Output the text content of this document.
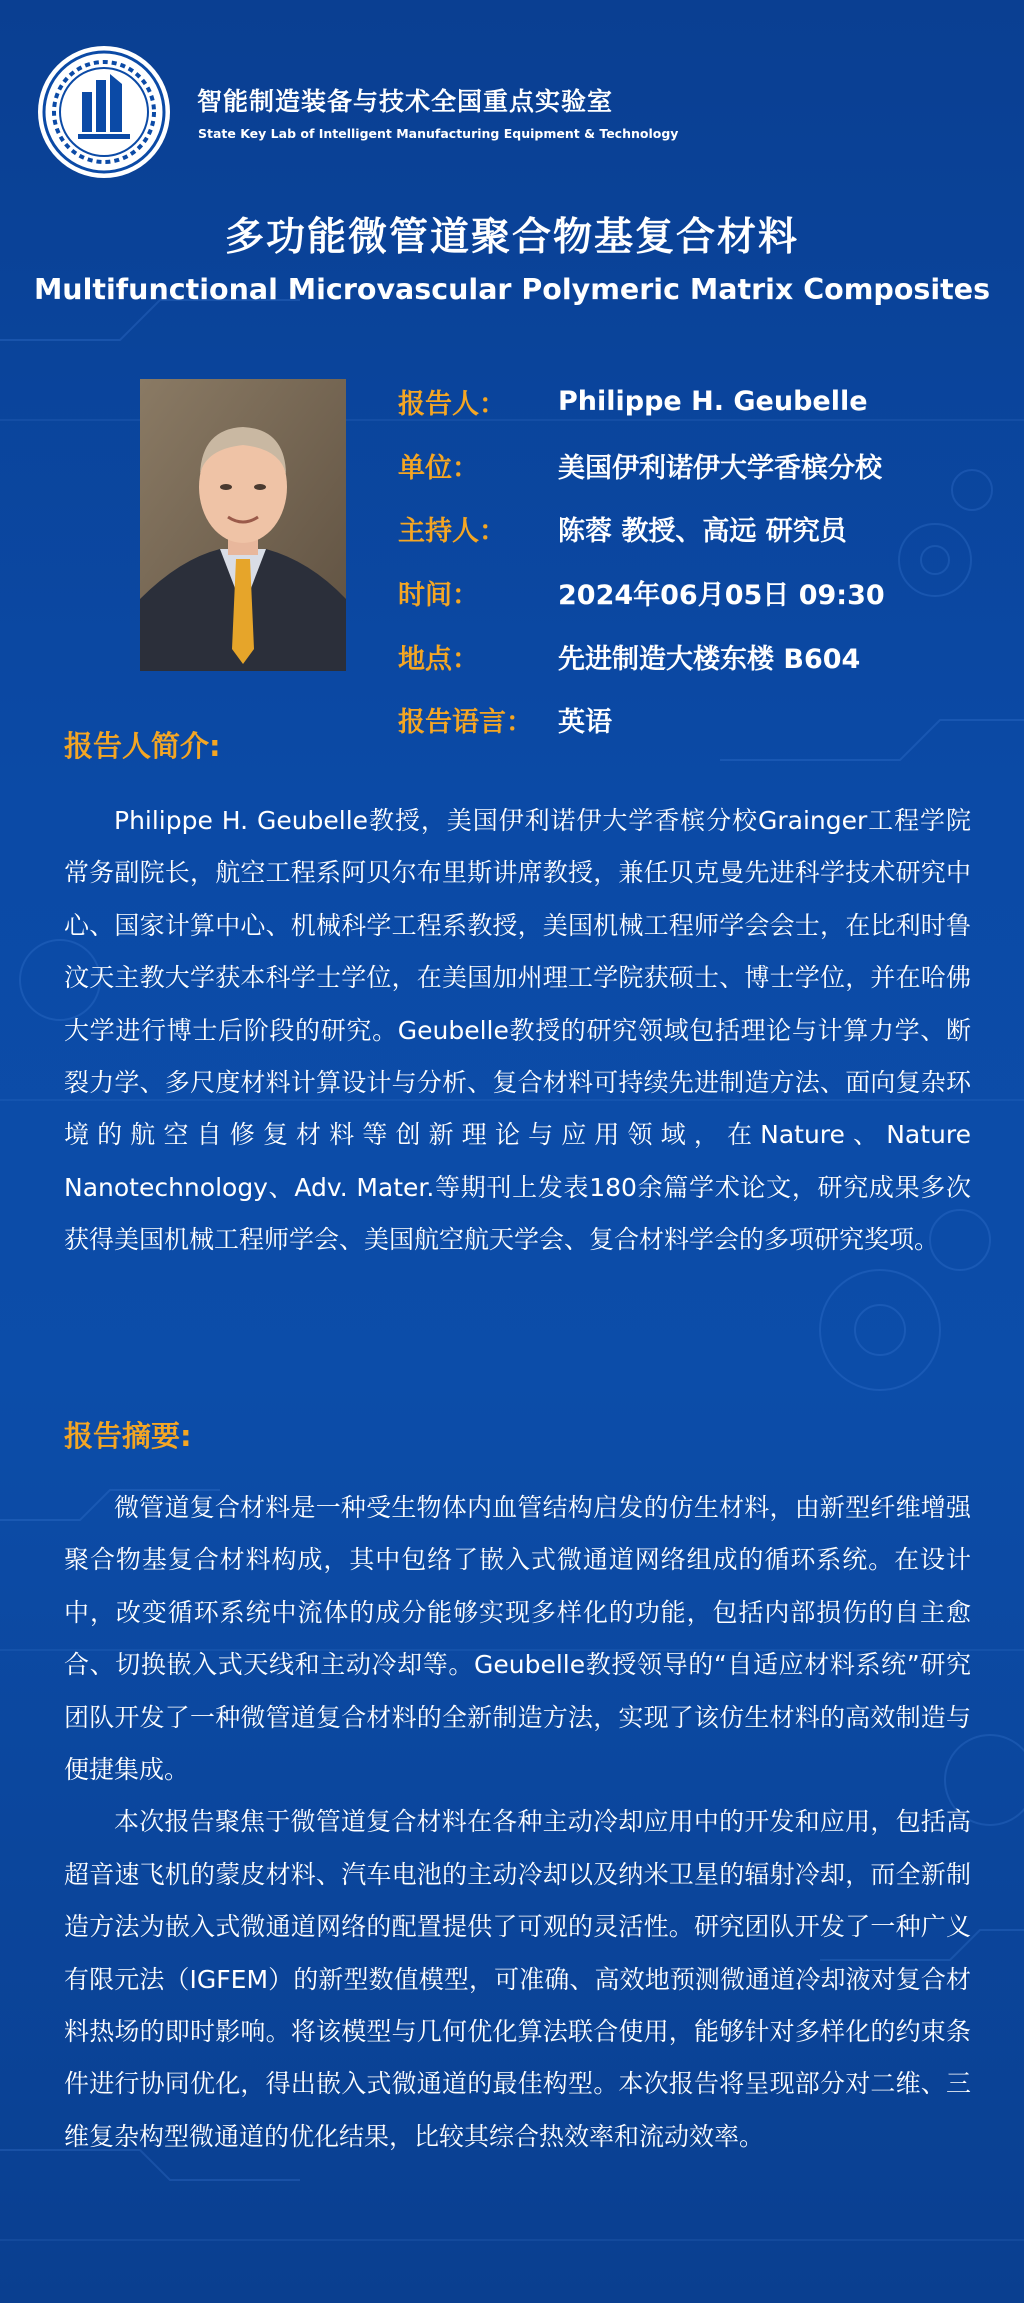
智能制造装备与技术全国重点实验室
State Key Lab of Intelligent Manufacturing Equipment & Technology
多功能微管道聚合物基复合材料
Multifunctional Microvascular Polymeric Matrix Composites
报告人：	Philippe H. Geubelle
单位：	美国伊利诺伊大学香槟分校
主持人：	陈蓉 教授、高远 研究员
时间：	2024年06月05日 09:30
地点：	先进制造大楼东楼 B604
报告语言： 英语
报告人简介:

Philippe H. Geubelle教授，美国伊利诺伊大学香槟分校Grainger工程学院常务副院长，航空工程系阿贝尔布里斯讲席教授，兼任贝克曼先进科学技术研究中心、国家计算中心、机械科学工程系教授，美国机械工程师学会会士，在比利时鲁汶天主教大学获本科学士学位，在美国加州理工学院获硕士、博士学位，并在哈佛大学进行博士后阶段的研究。Geubelle教授的研究领域包括理论与计算力学、断裂力学、多尺度材料计算设计与分析、复合材料可持续先进制造方法、面向复杂环境的航空自修复材料等创新理论与应用领域，在Nature、Nature Nanotechnology、Adv. Mater.等期刊上发表180余篇学术论文，研究成果多次获得美国机械工程师学会、美国航空航天学会、复合材料学会的多项研究奖项。

报告摘要:

微管道复合材料是一种受生物体内血管结构启发的仿生材料，由新型纤维增强聚合物基复合材料构成，其中包络了嵌入式微通道网络组成的循环系统。在设计中，改变循环系统中流体的成分能够实现多样化的功能，包括内部损伤的自主愈合、切换嵌入式天线和主动冷却等。Geubelle教授领导的“自适应材料系统”研究团队开发了一种微管道复合材料的全新制造方法，实现了该仿生材料的高效制造与便捷集成。

本次报告聚焦于微管道复合材料在各种主动冷却应用中的开发和应用，包括高超音速飞机的蒙皮材料、汽车电池的主动冷却以及纳米卫星的辐射冷却，而全新制造方法为嵌入式微通道网络的配置提供了可观的灵活性。研究团队开发了一种广义有限元法（IGFEM）的新型数值模型，可准确、高效地预测微通道冷却液对复合材料热场的即时影响。将该模型与几何优化算法联合使用，能够针对多样化的约束条件进行协同优化，得出嵌入式微通道的最佳构型。本次报告将呈现部分对二维、三维复杂构型微通道的优化结果，比较其综合热效率和流动效率。
